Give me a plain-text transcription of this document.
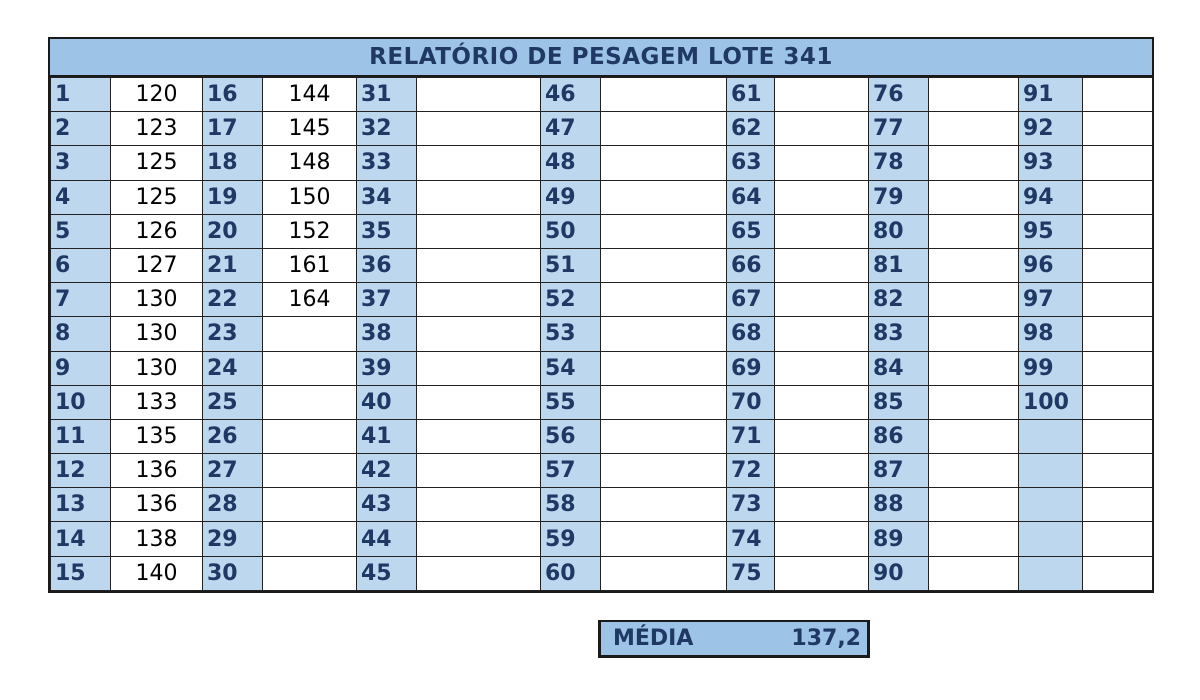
RELATÓRIO DE PESAGEM LOTE 341
1	120	16	144	31		46		61		76		91	
2	123	17	145	32		47		62		77		92	
3	125	18	148	33		48		63		78		93	
4	125	19	150	34		49		64		79		94	
5	126	20	152	35		50		65		80		95	
6	127	21	161	36		51		66		81		96	
7	130	22	164	37		52		67		82		97	
8	130	23		38		53		68		83		98	
9	130	24		39		54		69		84		99	
10	133	25		40		55		70		85		100	
11	135	26		41		56		71		86			
12	136	27		42		57		72		87			
13	136	28		43		58		73		88			
14	138	29		44		59		74		89			
15	140	30		45		60		75		90			
MÉDIA	137,2
